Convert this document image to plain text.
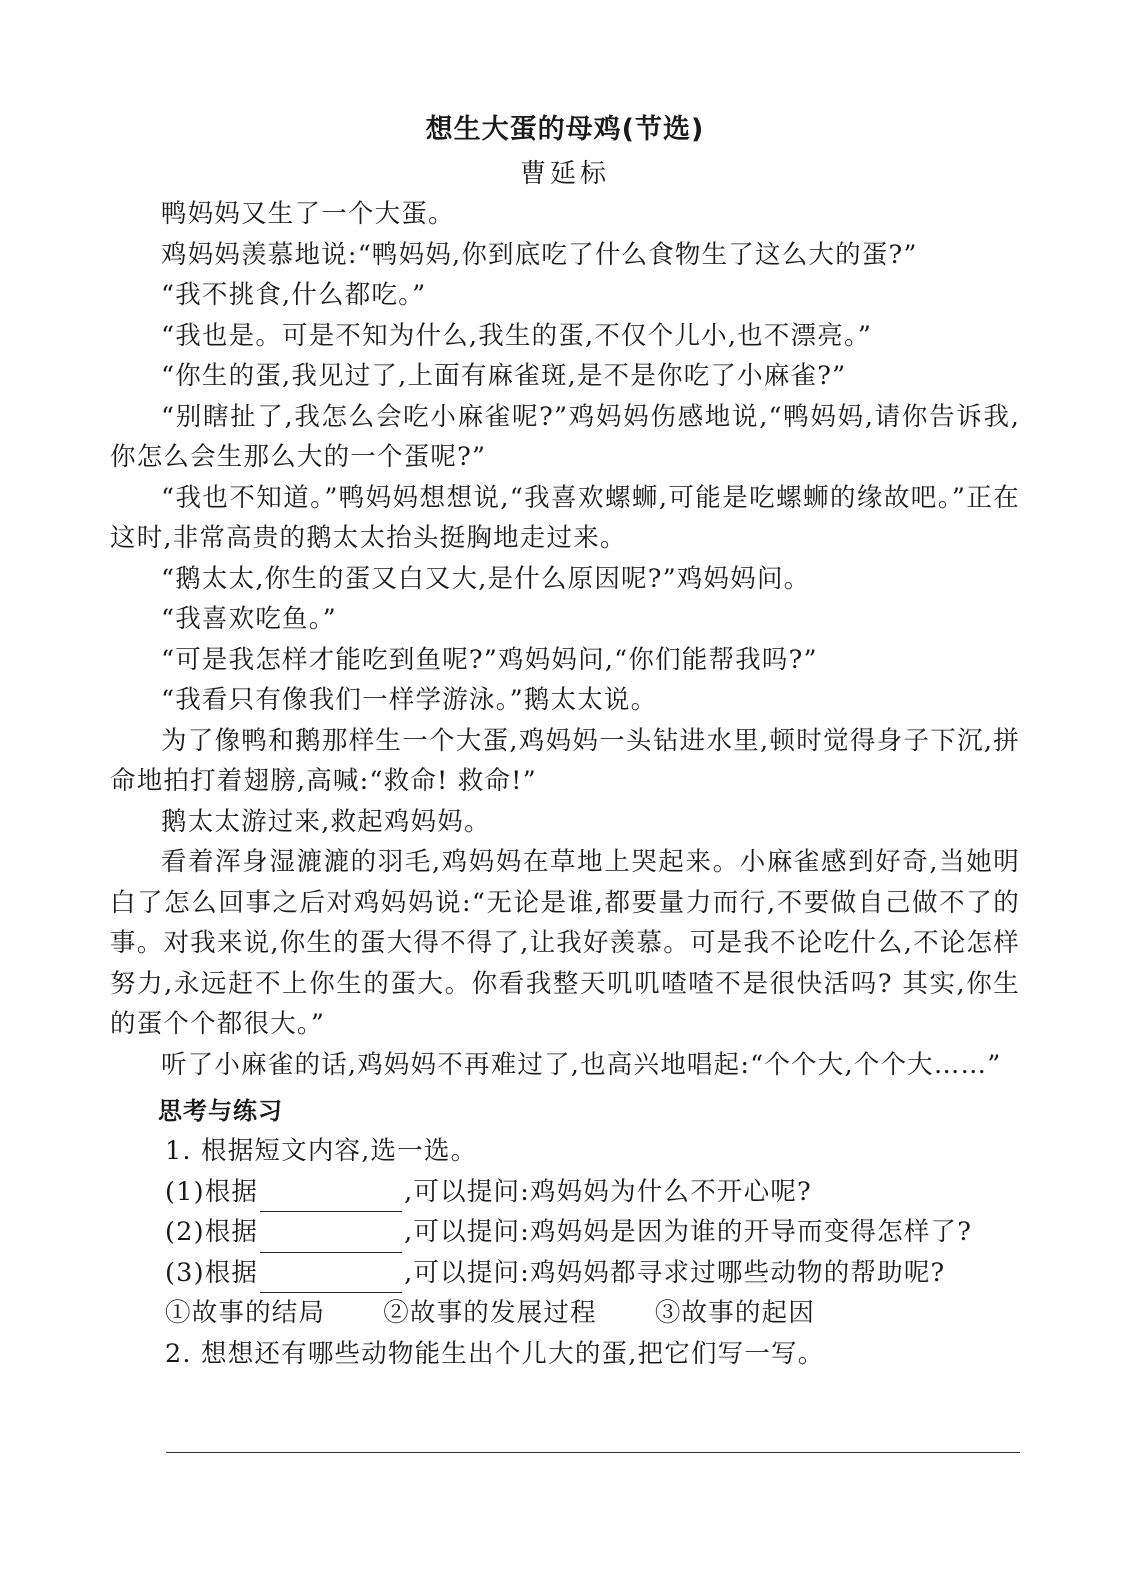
想生大蛋的母鸡(节选)
曹延标

鸭妈妈又生了一个大蛋。

鸡妈妈羡慕地说:“鸭妈妈,你到底吃了什么食物生了这么大的蛋?”

“我不挑食,什么都吃。”

“我也是。可是不知为什么,我生的蛋,不仅个儿小,也不漂亮。”

“你生的蛋,我见过了,上面有麻雀斑,是不是你吃了小麻雀?”

“别瞎扯了,我怎么会吃小麻雀呢?”鸡妈妈伤感地说,“鸭妈妈,请你告诉我,你怎么会生那么大的一个蛋呢?”

“我也不知道。”鸭妈妈想想说,“我喜欢螺蛳,可能是吃螺蛳的缘故吧。”正在这时,非常高贵的鹅太太抬头挺胸地走过来。

“鹅太太,你生的蛋又白又大,是什么原因呢?”鸡妈妈问。

“我喜欢吃鱼。”

“可是我怎样才能吃到鱼呢?”鸡妈妈问,“你们能帮我吗?”

“我看只有像我们一样学游泳。”鹅太太说。

为了像鸭和鹅那样生一个大蛋,鸡妈妈一头钻进水里,顿时觉得身子下沉,拼命地拍打着翅膀,高喊:“救命! 救命!”

鹅太太游过来,救起鸡妈妈。

看着浑身湿漉漉的羽毛,鸡妈妈在草地上哭起来。小麻雀感到好奇,当她明白了怎么回事之后对鸡妈妈说:“无论是谁,都要量力而行,不要做自己做不了的事。对我来说,你生的蛋大得不得了,让我好羡慕。可是我不论吃什么,不论怎样努力,永远赶不上你生的蛋大。你看我整天叽叽喳喳不是很快活吗? 其实,你生的蛋个个都很大。”

听了小麻雀的话,鸡妈妈不再难过了,也高兴地唱起:“个个大,个个大……”

思考与练习

1. 根据短文内容,选一选。

(1)根据	,可以提问:鸡妈妈为什么不开心呢?

(2)根据	,可以提问:鸡妈妈是因为谁的开导而变得怎样了?

(3)根据	,可以提问:鸡妈妈都寻求过哪些动物的帮助呢?

①故事的结局 ②故事的发展过程 ③故事的起因

2. 想想还有哪些动物能生出个儿大的蛋,把它们写一写。
